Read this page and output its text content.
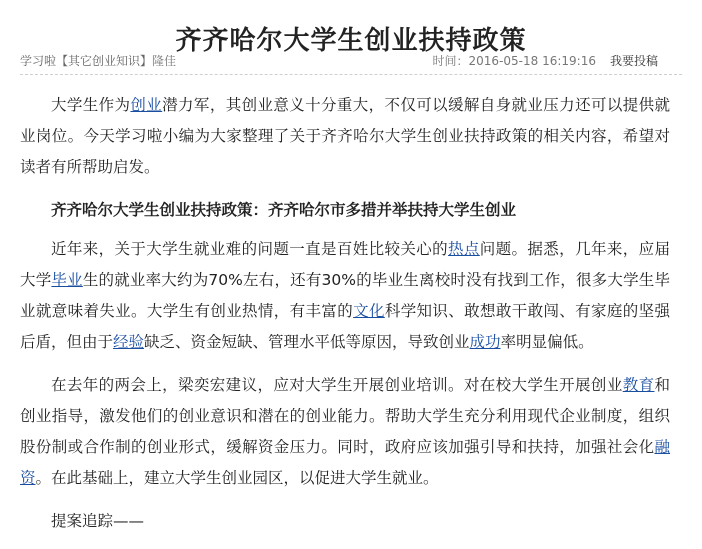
齐齐哈尔大学生创业扶持政策
学习啦【其它创业知识】隆佳	时间：2016-05-18 16:19:16 我要投稿

大学生作为创业潜力军，其创业意义十分重大，不仅可以缓解自身就业压力还可以提供就业岗位。今天学习啦小编为大家整理了关于齐齐哈尔大学生创业扶持政策的相关内容，希望对读者有所帮助启发。

齐齐哈尔大学生创业扶持政策：齐齐哈尔市多措并举扶持大学生创业

近年来，关于大学生就业难的问题一直是百姓比较关心的热点问题。据悉，几年来，应届大学毕业生的就业率大约为70%左右，还有30%的毕业生离校时没有找到工作，很多大学生毕业就意味着失业。大学生有创业热情，有丰富的文化科学知识、敢想敢干敢闯、有家庭的坚强后盾，但由于经验缺乏、资金短缺、管理水平低等原因，导致创业成功率明显偏低。

在去年的两会上，梁奕宏建议，应对大学生开展创业培训。对在校大学生开展创业教育和创业指导，激发他们的创业意识和潜在的创业能力。帮助大学生充分利用现代企业制度，组织股份制或合作制的创业形式，缓解资金压力。同时，政府应该加强引导和扶持，加强社会化融资。在此基础上，建立大学生创业园区，以促进大学生就业。

提案追踪——
